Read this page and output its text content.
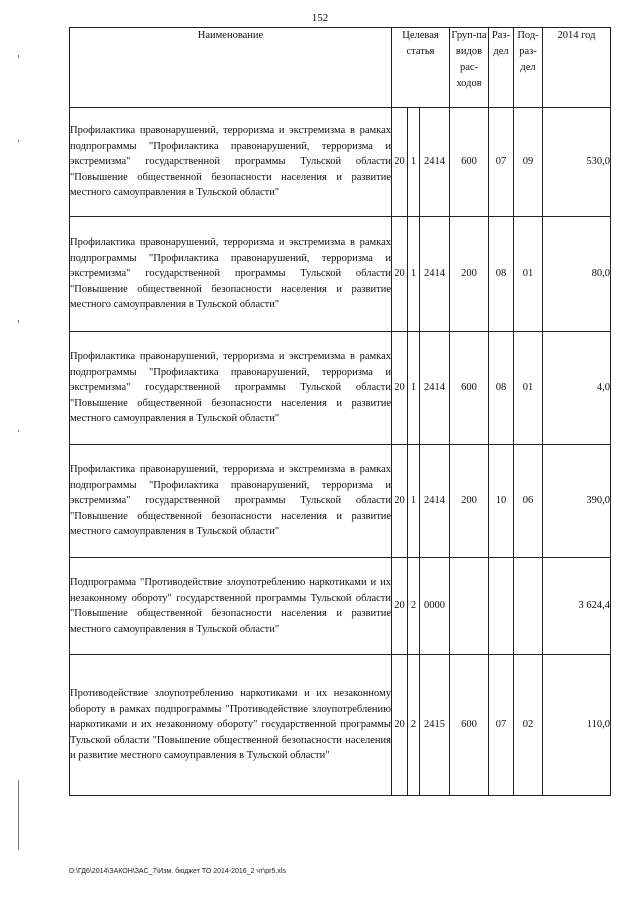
152
Наименование	Целевая статья			Груп-па видов рас-ходов	Раз-дел	Под-раз-дел	2014 год

Профилактика правонарушений, терроризма и экстремизма в рамках подпрограммы "Профилактика правонарушений, терроризма и экстремизма" государственной программы Тульской области "Повышение общественной безопасности населения и развитие местного самоуправления в Тульской области"	20	1	2414	600	07	09	530,0
Профилактика правонарушений, терроризма и экстремизма в рамках подпрограммы "Профилактика правонарушений, терроризма и экстремизма" государственной программы Тульской области "Повышение общественной безопасности населения и развитие местного самоуправления в Тульской области"	20	1	2414	200	08	01	80,0
Профилактика правонарушений, терроризма и экстремизма в рамках подпрограммы "Профилактика правонарушений, терроризма и экстремизма" государственной программы Тульской области "Повышение общественной безопасности населения и развитие местного самоуправления в Тульской области"	20	1	2414	600	08	01	4,0
Профилактика правонарушений, терроризма и экстремизма в рамках подпрограммы "Профилактика правонарушений, терроризма и экстремизма" государственной программы Тульской области "Повышение общественной безопасности населения и развитие местного самоуправления в Тульской области"	20	1	2414	200	10	06	390,0
Подпрограмма "Противодействие злоупотреблению наркотиками и их незаконному обороту" государственной программы Тульской области "Повышение общественной безопасности населения и развитие местного самоуправления в Тульской области"	20	2	0000				3 624,4
Противодействие злоупотреблению наркотиками и их незаконному обороту в рамках подпрограммы "Противодействие злоупотреблению наркотиками и их незаконному обороту" государственной программы Тульской области "Повышение общественной безопасности населения и развитие местного самоуправления в Тульской области"	20	2	2415	600	07	02	110,0
D:\ГД6\2014\ЗАКОН\ЗАС_7\Изм. бюджет ТО 2014-2016_2 чт\pr5.xls
